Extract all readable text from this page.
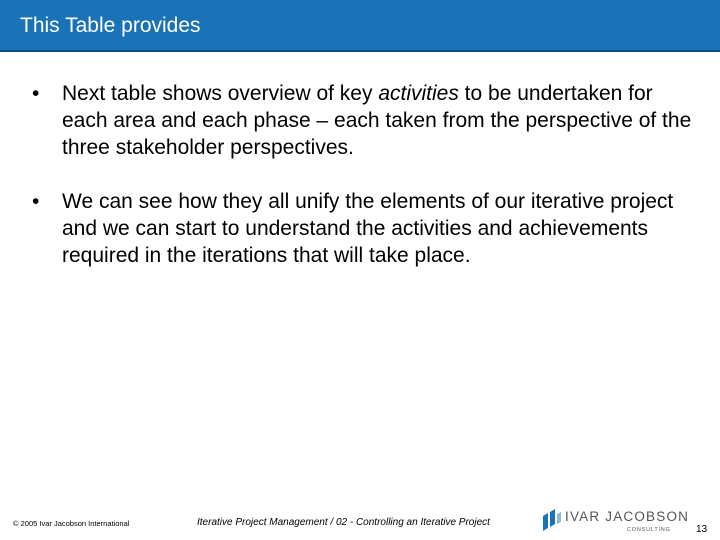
This Table provides
•	Next table shows overview of key activities to be undertaken for each area and each phase – each taken from the perspective of the three stakeholder perspectives.
•	We can see how they all unify the elements of our iterative project and we can start to understand the activities and achievements required in the iterations that will take place.
© 2005 Ivar Jacobson International	Iterative Project Management / 02 - Controlling an Iterative Project	IVAR JACOBSON
CONSULTING	13
